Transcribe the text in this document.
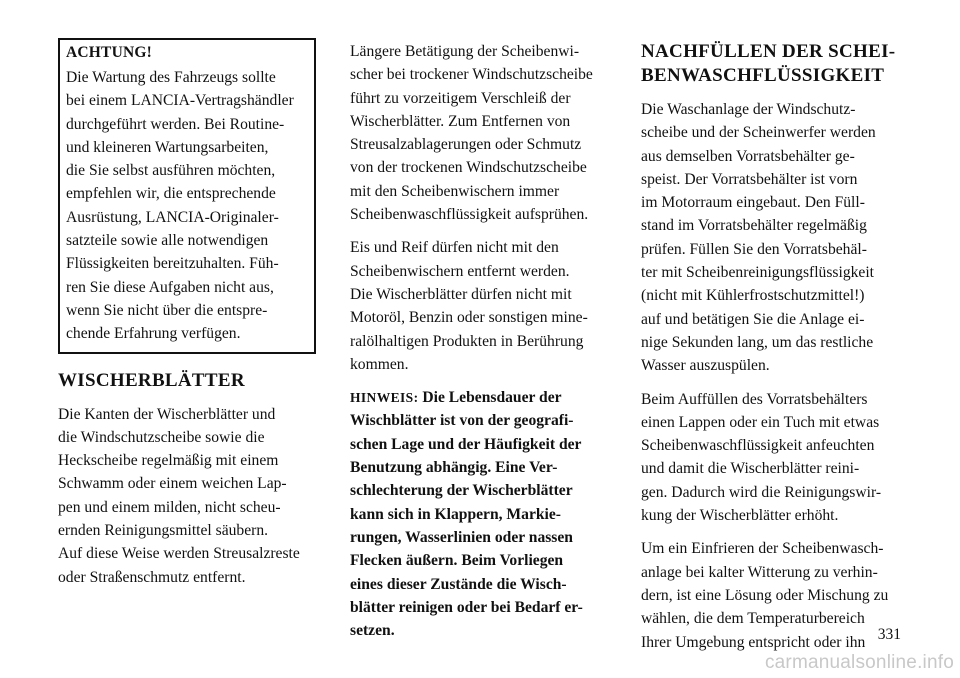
ACHTUNG!

Die Wartung des Fahrzeugs sollte
bei einem LANCIA-Vertragshändler
durchgeführt werden. Bei Routine-
und kleineren Wartungsarbeiten,
die Sie selbst ausführen möchten,
empfehlen wir, die entsprechende
Ausrüstung, LANCIA-Originaler-
satzteile sowie alle notwendigen
Flüssigkeiten bereitzuhalten. Füh-
ren Sie diese Aufgaben nicht aus,
wenn Sie nicht über die entspre-
chende Erfahrung verfügen.

WISCHERBLÄTTER

Die Kanten der Wischerblätter und
die Windschutzscheibe sowie die
Heckscheibe regelmäßig mit einem
Schwamm oder einem weichen Lap-
pen und einem milden, nicht scheu-
ernden Reinigungsmittel säubern.
Auf diese Weise werden Streusalzreste
oder Straßenschmutz entfernt.

Längere Betätigung der Scheibenwi-
scher bei trockener Windschutzscheibe
führt zu vorzeitigem Verschleiß der
Wischerblätter. Zum Entfernen von
Streusalzablagerungen oder Schmutz
von der trockenen Windschutzscheibe
mit den Scheibenwischern immer
Scheibenwaschflüssigkeit aufsprühen.

Eis und Reif dürfen nicht mit den
Scheibenwischern entfernt werden.
Die Wischerblätter dürfen nicht mit
Motoröl, Benzin oder sonstigen mine-
ralölhaltigen Produkten in Berührung
kommen.

HINWEIS: Die Lebensdauer der
Wischblätter ist von der geografi-
schen Lage und der Häufigkeit der
Benutzung abhängig. Eine Ver-
schlechterung der Wischerblätter
kann sich in Klappern, Markie-
rungen, Wasserlinien oder nassen
Flecken äußern. Beim Vorliegen
eines dieser Zustände die Wisch-
blätter reinigen oder bei Bedarf er-
setzen.

NACHFÜLLEN DER SCHEI-
BENWASCHFLÜSSIGKEIT

Die Waschanlage der Windschutz-
scheibe und der Scheinwerfer werden
aus demselben Vorratsbehälter ge-
speist. Der Vorratsbehälter ist vorn
im Motorraum eingebaut. Den Füll-
stand im Vorratsbehälter regelmäßig
prüfen. Füllen Sie den Vorratsbehäl-
ter mit Scheibenreinigungsflüssigkeit
(nicht mit Kühlerfrostschutzmittel!)
auf und betätigen Sie die Anlage ei-
nige Sekunden lang, um das restliche
Wasser auszuspülen.

Beim Auffüllen des Vorratsbehälters
einen Lappen oder ein Tuch mit etwas
Scheibenwaschflüssigkeit anfeuchten
und damit die Wischerblätter reini-
gen. Dadurch wird die Reinigungswir-
kung der Wischerblätter erhöht.

Um ein Einfrieren der Scheibenwasch-
anlage bei kalter Witterung zu verhin-
dern, ist eine Lösung oder Mischung zu
wählen, die dem Temperaturbereich
Ihrer Umgebung entspricht oder ihn 331
carmanualsonline.info
